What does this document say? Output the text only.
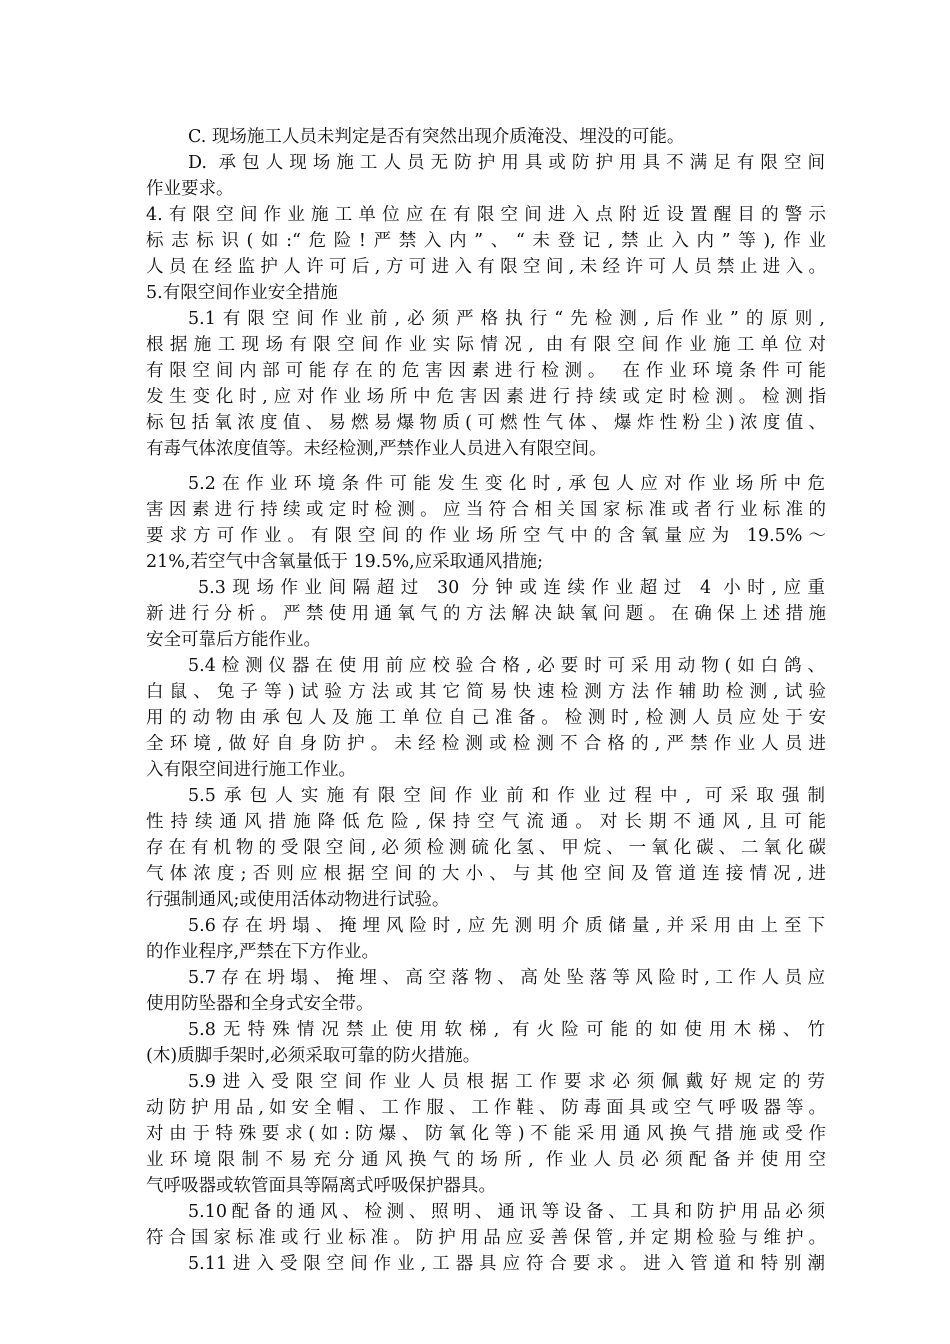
C. 现场施工人员未判定是否有突然出现介质淹没、埋没的可能。
D. 承包人现场施工人员无防护用具或防护用具不满足有限空间
作业要求。
4.有限空间作业施工单位应在有限空间进入点附近设置醒目的警示
标志标识(如:“危险!严禁入内”、“未登记,禁止入内”等),作业
人员在经监护人许可后,方可进入有限空间,未经许可人员禁止进入。
5.有限空间作业安全措施
5.1有限空间作业前,必须严格执行“先检测,后作业”的原则,
根据施工现场有限空间作业实际情况, 由有限空间作业施工单位对
有限空间内部可能存在的危害因素进行检测。 在作业环境条件可能
发生变化时,应对作业场所中危害因素进行持续或定时检测。检测指
标包括氧浓度值、易燃易爆物质(可燃性气体、爆炸性粉尘)浓度值、
有毒气体浓度值等。未经检测,严禁作业人员进入有限空间。
5.2在作业环境条件可能发生变化时,承包人应对作业场所中危
害因素进行持续或定时检测。应当符合相关国家标准或者行业标准的
要求方可作业。有限空间的作业场所空气中的含氧量应为 19.5%～
21%,若空气中含氧量低于 19.5%,应采取通风措施;
5.3现场作业间隔超过 30 分钟或连续作业超过 4 小时,应重
新进行分析。严禁使用通氧气的方法解决缺氧问题。在确保上述措施
安全可靠后方能作业。
5.4检测仪器在使用前应校验合格,必要时可采用动物(如白鸽、
白鼠、兔子等)试验方法或其它简易快速检测方法作辅助检测,试验
用的动物由承包人及施工单位自己准备。检测时,检测人员应处于安
全环境,做好自身防护。未经检测或检测不合格的,严禁作业人员进
入有限空间进行施工作业。
5.5承包人实施有限空间作业前和作业过程中, 可采取强制
性持续通风措施降低危险,保持空气流通。对长期不通风,且可能
存在有机物的受限空间,必须检测硫化氢、甲烷、一氧化碳、二氧化碳
气体浓度;否则应根据空间的大小、与其他空间及管道连接情况,进
行强制通风;或使用活体动物进行试验。
5.6存在坍塌、掩埋风险时,应先测明介质储量,并采用由上至下
的作业程序,严禁在下方作业。
5.7存在坍塌、掩埋、高空落物、高处坠落等风险时,工作人员应
使用防坠器和全身式安全带。
5.8无特殊情况禁止使用软梯, 有火险可能的如使用木梯、竹
(木)质脚手架时,必须采取可靠的防火措施。
5.9进入受限空间作业人员根据工作要求必须佩戴好规定的劳
动防护用品,如安全帽、工作服、工作鞋、防毒面具或空气呼吸器等。
对由于特殊要求(如:防爆、防氧化等)不能采用通风换气措施或受作
业环境限制不易充分通风换气的场所, 作业人员必须配备并使用空
气呼吸器或软管面具等隔离式呼吸保护器具。
5.10配备的通风、检测、照明、通讯等设备、工具和防护用品必须
符合国家标准或行业标准。防护用品应妥善保管,并定期检验与维护。
5.11进入受限空间作业,工器具应符合要求。进入管道和特别潮
